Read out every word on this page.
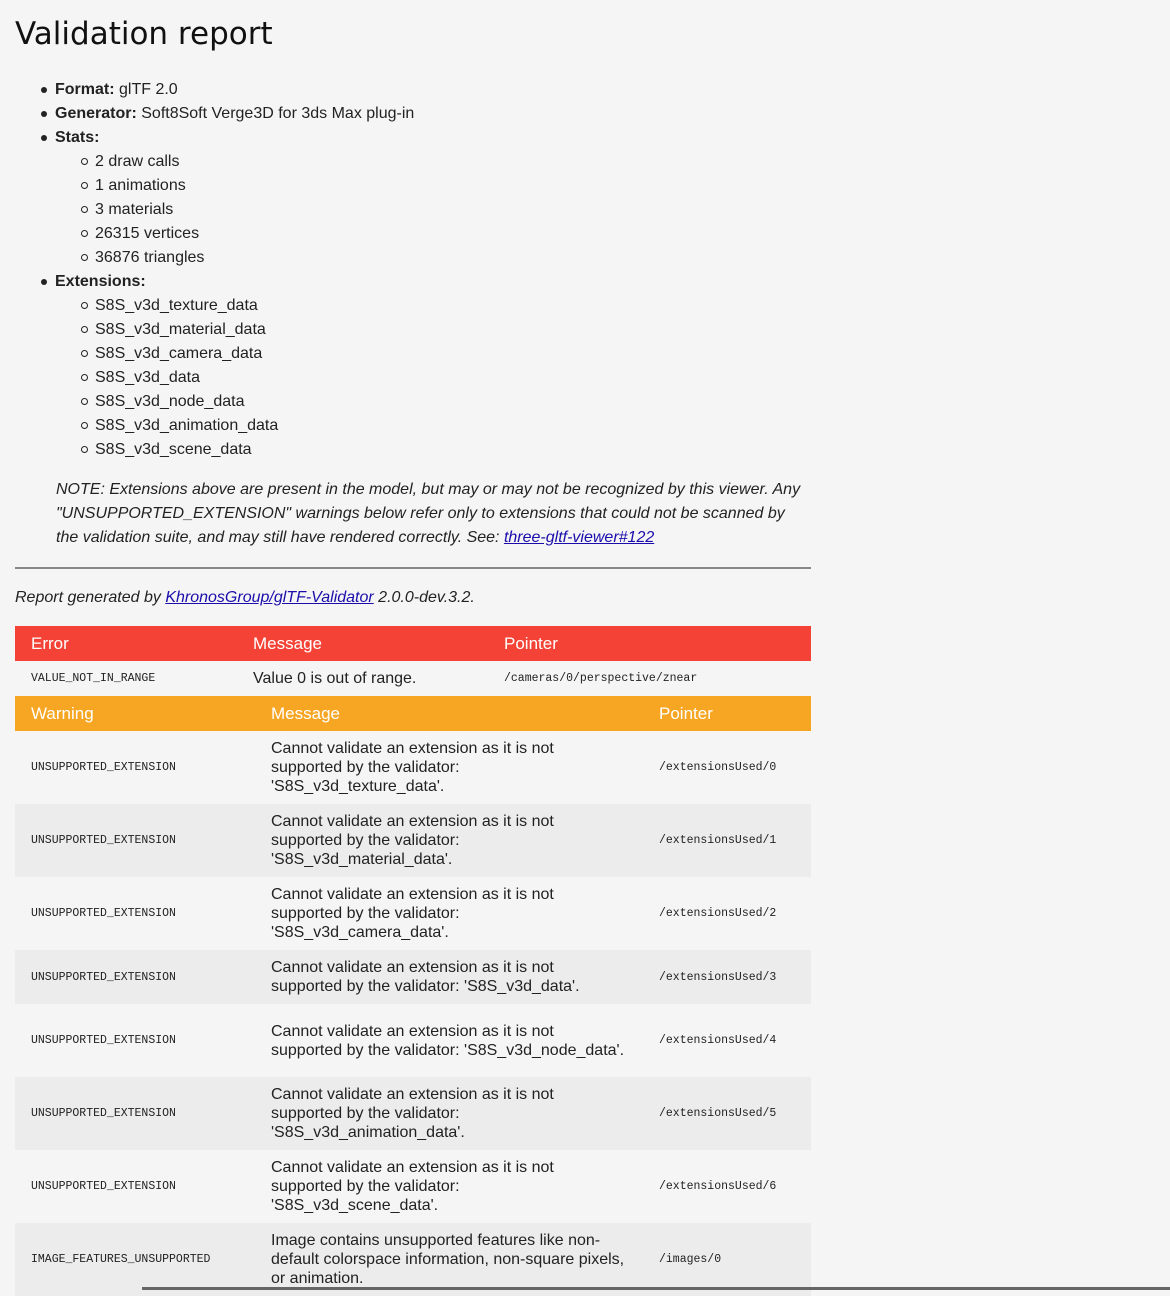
Validation report
Format: glTF 2.0
Generator: Soft8Soft Verge3D for 3ds Max plug-in
Stats:
2 draw calls
1 animations
3 materials
26315 vertices
36876 triangles
Extensions:
S8S_v3d_texture_data
S8S_v3d_material_data
S8S_v3d_camera_data
S8S_v3d_data
S8S_v3d_node_data
S8S_v3d_animation_data
S8S_v3d_scene_data

NOTE: Extensions above are present in the model, but may or may not be recognized by this viewer. Any "UNSUPPORTED_EXTENSION" warnings below refer only to extensions that could not be scanned by the validation suite, and may still have rendered correctly. See: three-gltf-viewer#122

Report generated by KhronosGroup/glTF-Validator 2.0.0-dev.3.2.

Error	Message	Pointer
VALUE_NOT_IN_RANGE	Value 0 is out of range.	/cameras/0/perspective/znear
Warning	Message	Pointer
UNSUPPORTED_EXTENSION	Cannot validate an extension as it is not supported by the validator: 'S8S_v3d_texture_data'.	/extensionsUsed/0
UNSUPPORTED_EXTENSION	Cannot validate an extension as it is not supported by the validator: 'S8S_v3d_material_data'.	/extensionsUsed/1
UNSUPPORTED_EXTENSION	Cannot validate an extension as it is not supported by the validator: 'S8S_v3d_camera_data'.	/extensionsUsed/2
UNSUPPORTED_EXTENSION	Cannot validate an extension as it is not supported by the validator: 'S8S_v3d_data'.	/extensionsUsed/3
UNSUPPORTED_EXTENSION	Cannot validate an extension as it is not supported by the validator: 'S8S_v3d_node_data'.	/extensionsUsed/4
UNSUPPORTED_EXTENSION	Cannot validate an extension as it is not supported by the validator: 'S8S_v3d_animation_data'.	/extensionsUsed/5
UNSUPPORTED_EXTENSION	Cannot validate an extension as it is not supported by the validator: 'S8S_v3d_scene_data'.	/extensionsUsed/6
IMAGE_FEATURES_UNSUPPORTED	Image contains unsupported features like non-default colorspace information, non-square pixels, or animation.	/images/0
